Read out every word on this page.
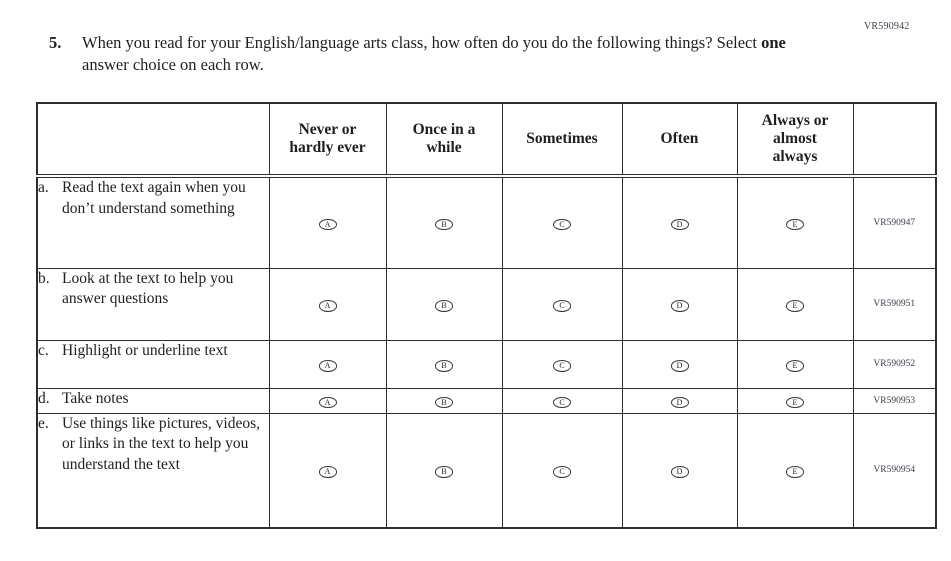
VR590942
5.	When you read for your English/language arts class, how often do you do the following things? Select one answer choice on each row.
	Never or hardly ever	Once in a while	Sometimes	Often	Always or almost always	

a. Read the text again when you don’t understand something	A	B	C	D	E	VR590947

b. Look at the text to help you answer questions	A	B	C	D	E	VR590951

c. Highlight or underline text	A	B	C	D	E	VR590952

d. Take notes	A	B	C	D	E	VR590953

e. Use things like pictures, videos, or links in the text to help you understand the text	A	B	C	D	E	VR590954
